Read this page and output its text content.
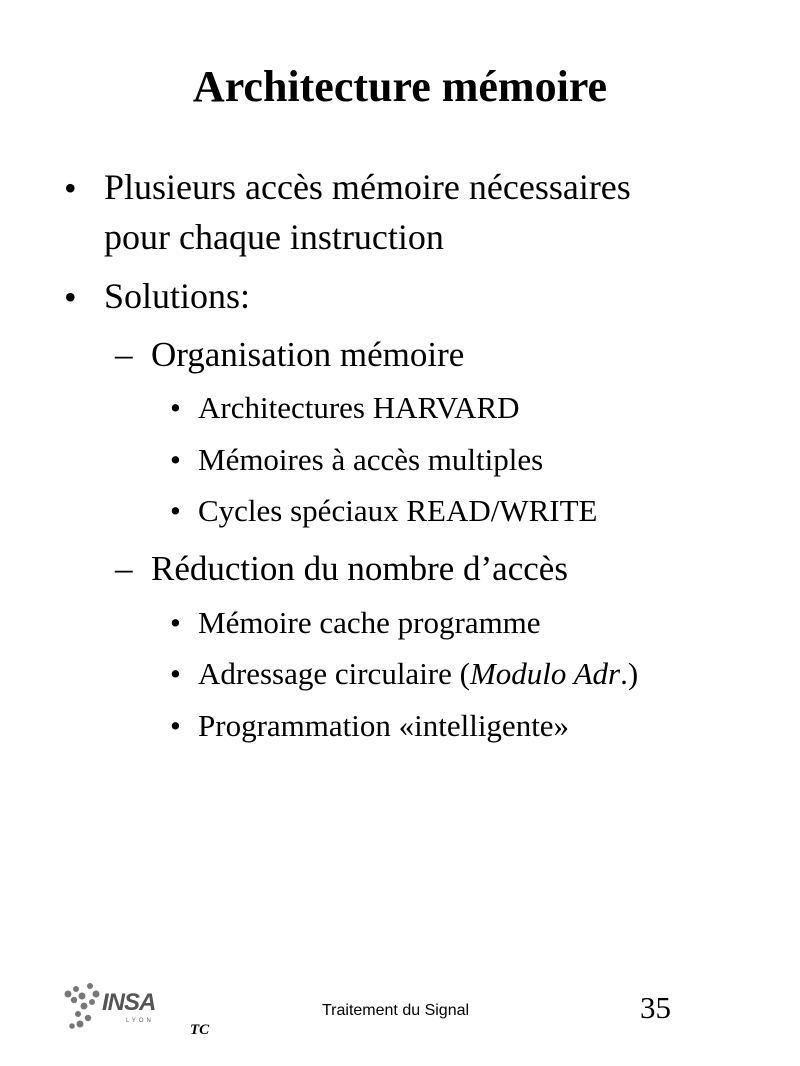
Architecture mémoire
• Plusieurs accès mémoire nécessaires
pour chaque instruction
• Solutions:
– Organisation mémoire
• Architectures HARVARD
• Mémoires à accès multiples
• Cycles spéciaux READ/WRITE
– Réduction du nombre d’accès
• Mémoire cache programme
• Adressage circulaire (Modulo Adr.)
• Programmation «intelligente»
INSA
LYON
TC
Traitement du Signal	35
